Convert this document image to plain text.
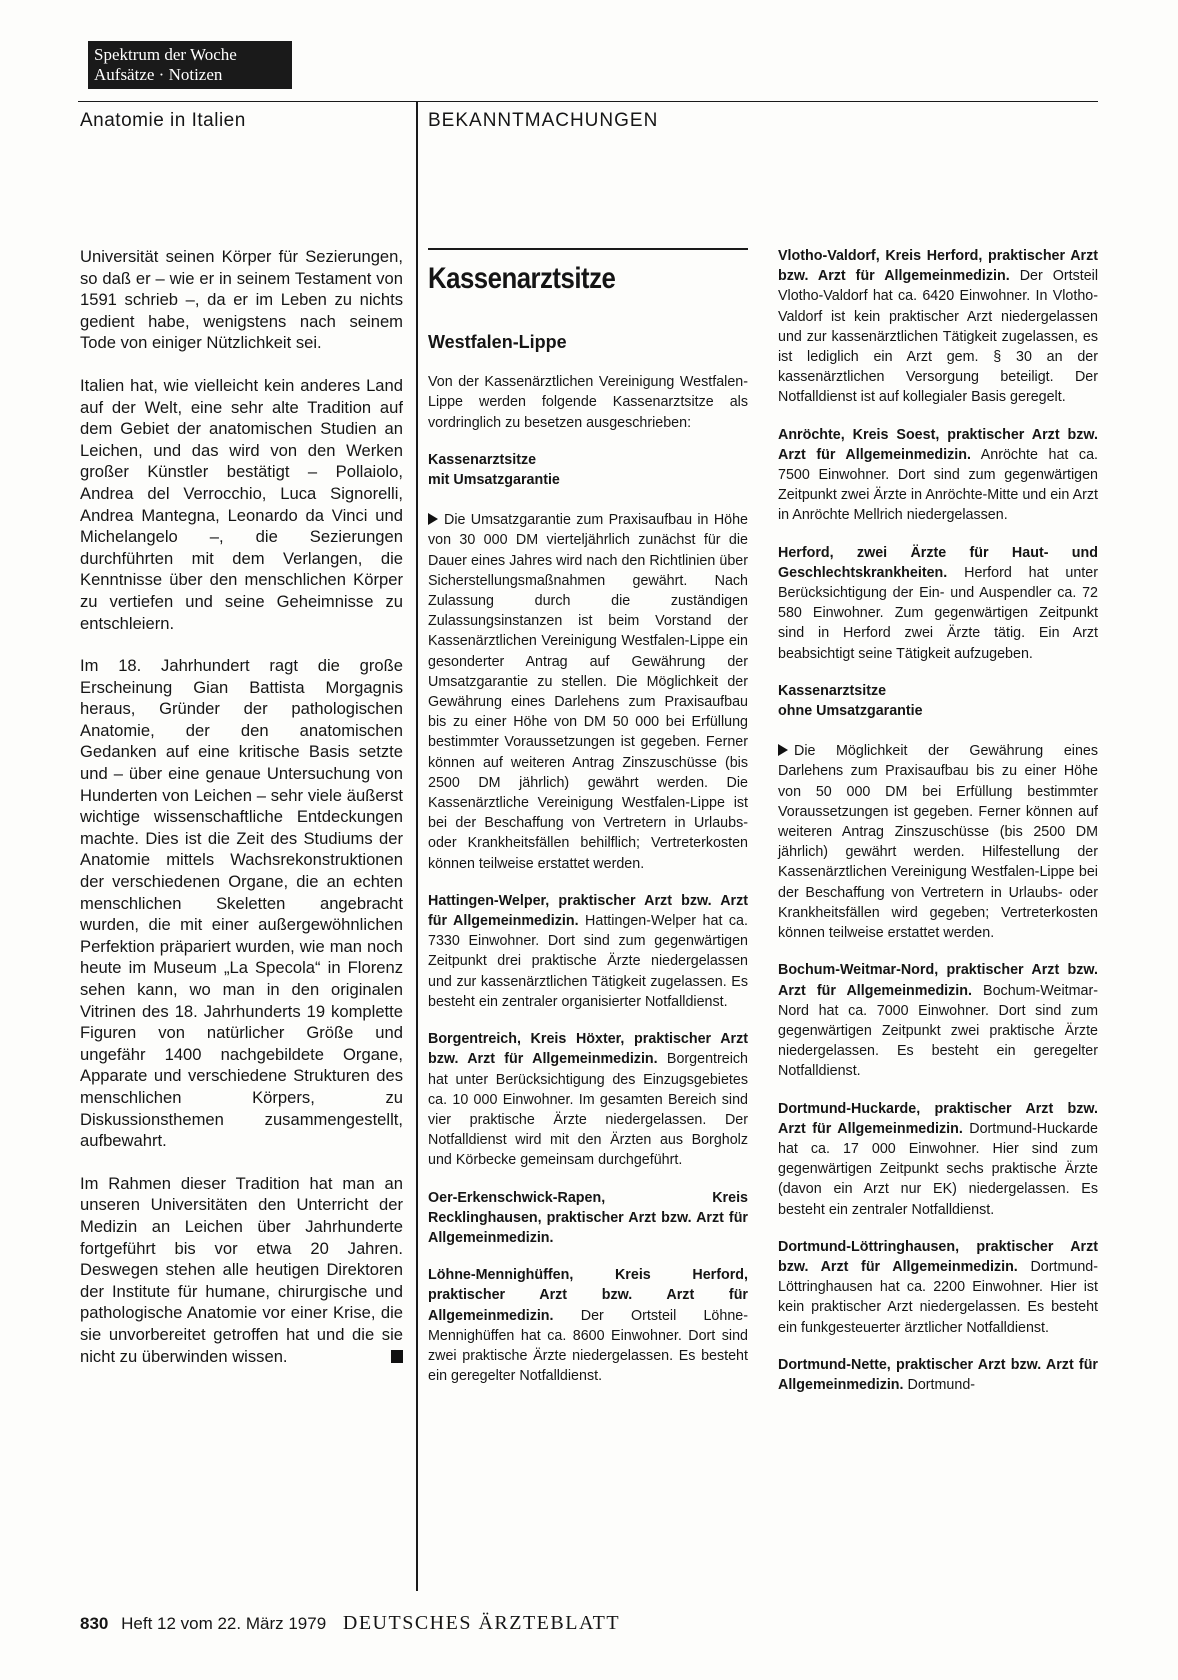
Spektrum der Woche
Aufsätze · Notizen
Anatomie in Italien	BEKANNTMACHUNGEN

Universität seinen Körper für Sezierungen, so daß er – wie er in seinem Testament von 1591 schrieb –, da er im Leben zu nichts gedient habe, wenigstens nach seinem Tode von einiger Nützlichkeit sei.

Italien hat, wie vielleicht kein anderes Land auf der Welt, eine sehr alte Tradition auf dem Gebiet der anatomischen Studien an Leichen, und das wird von den Werken großer Künstler bestätigt – Pollaiolo, Andrea del Verrocchio, Luca Signorelli, Andrea Mantegna, Leonardo da Vinci und Michelangelo –, die Sezierungen durchführten mit dem Verlangen, die Kenntnisse über den menschlichen Körper zu vertiefen und seine Geheimnisse zu entschleiern.

Im 18. Jahrhundert ragt die große Erscheinung Gian Battista Morgagnis heraus, Gründer der pathologischen Anatomie, der den anatomischen Gedanken auf eine kritische Basis setzte und – über eine genaue Untersuchung von Hunderten von Leichen – sehr viele äußerst wichtige wissenschaftliche Entdeckungen machte. Dies ist die Zeit des Studiums der Anatomie mittels Wachsrekonstruktionen der verschiedenen Organe, die an echten menschlichen Skeletten angebracht wurden, die mit einer außergewöhnlichen Perfektion präpariert wurden, wie man noch heute im Museum „La Specola“ in Florenz sehen kann, wo man in den originalen Vitrinen des 18. Jahrhunderts 19 komplette Figuren von natürlicher Größe und ungefähr 1400 nachgebildete Organe, Apparate und verschiedene Strukturen des menschlichen Körpers, zu Diskussionsthemen zusammengestellt, aufbewahrt.

Im Rahmen dieser Tradition hat man an unseren Universitäten den Unterricht der Medizin an Leichen über Jahrhunderte fortgeführt bis vor etwa 20 Jahren. Deswegen stehen alle heutigen Direktoren der Institute für humane, chirurgische und pathologische Anatomie vor einer Krise, die sie unvorbereitet getroffen hat und die sie nicht zu überwinden wissen.

Kassenarztsitze
Westfalen-Lippe

Von der Kassenärztlichen Vereinigung Westfalen-Lippe werden folgende Kassenarztsitze als vordringlich zu besetzen ausgeschrieben:

Kassenarztsitze
mit Umsatzgarantie

Die Umsatzgarantie zum Praxisaufbau in Höhe von 30 000 DM vierteljährlich zunächst für die Dauer eines Jahres wird nach den Richtlinien über Sicherstellungsmaßnahmen gewährt. Nach Zulassung durch die zuständigen Zulassungsinstanzen ist beim Vorstand der Kassenärztlichen Vereinigung Westfalen-Lippe ein gesonderter Antrag auf Gewährung der Umsatzgarantie zu stellen. Die Möglichkeit der Gewährung eines Darlehens zum Praxisaufbau bis zu einer Höhe von DM 50 000 bei Erfüllung bestimmter Voraussetzungen ist gegeben. Ferner können auf weiteren Antrag Zinszuschüsse (bis 2500 DM jährlich) gewährt werden. Die Kassenärztliche Vereinigung Westfalen-Lippe ist bei der Beschaffung von Vertretern in Urlaubs- oder Krankheitsfällen behilflich; Vertreterkosten können teilweise erstattet werden.

Hattingen-Welper, praktischer Arzt bzw. Arzt für Allgemeinmedizin. Hattingen-Welper hat ca. 7330 Einwohner. Dort sind zum gegenwärtigen Zeitpunkt drei praktische Ärzte niedergelassen und zur kassenärztlichen Tätigkeit zugelassen. Es besteht ein zentraler organisierter Notfalldienst.

Borgentreich, Kreis Höxter, praktischer Arzt bzw. Arzt für Allgemeinmedizin. Borgentreich hat unter Berücksichtigung des Einzugsgebietes ca. 10 000 Einwohner. Im gesamten Bereich sind vier praktische Ärzte niedergelassen. Der Notfalldienst wird mit den Ärzten aus Borgholz und Körbecke gemeinsam durchgeführt.

Oer-Erkenschwick-Rapen, Kreis Recklinghausen, praktischer Arzt bzw. Arzt für Allgemeinmedizin.

Löhne-Mennighüffen, Kreis Herford, praktischer Arzt bzw. Arzt für Allgemeinmedizin. Der Ortsteil Löhne-Mennighüffen hat ca. 8600 Einwohner. Dort sind zwei praktische Ärzte niedergelassen. Es besteht ein geregelter Notfalldienst.

Vlotho-Valdorf, Kreis Herford, praktischer Arzt bzw. Arzt für Allgemeinmedizin. Der Ortsteil Vlotho-Valdorf hat ca. 6420 Einwohner. In Vlotho-Valdorf ist kein praktischer Arzt niedergelassen und zur kassenärztlichen Tätigkeit zugelassen, es ist lediglich ein Arzt gem. § 30 an der kassenärztlichen Versorgung beteiligt. Der Notfalldienst ist auf kollegialer Basis geregelt.

Anröchte, Kreis Soest, praktischer Arzt bzw. Arzt für Allgemeinmedizin. Anröchte hat ca. 7500 Einwohner. Dort sind zum gegenwärtigen Zeitpunkt zwei Ärzte in Anröchte-Mitte und ein Arzt in Anröchte Mellrich niedergelassen.

Herford, zwei Ärzte für Haut- und Geschlechtskrankheiten. Herford hat unter Berücksichtigung der Ein- und Auspendler ca. 72 580 Einwohner. Zum gegenwärtigen Zeitpunkt sind in Herford zwei Ärzte tätig. Ein Arzt beabsichtigt seine Tätigkeit aufzugeben.

Kassenarztsitze
ohne Umsatzgarantie

Die Möglichkeit der Gewährung eines Darlehens zum Praxisaufbau bis zu einer Höhe von 50 000 DM bei Erfüllung bestimmter Voraussetzungen ist gegeben. Ferner können auf weiteren Antrag Zinszuschüsse (bis 2500 DM jährlich) gewährt werden. Hilfestellung der Kassenärztlichen Vereinigung Westfalen-Lippe bei der Beschaffung von Vertretern in Urlaubs- oder Krankheitsfällen wird gegeben; Vertreterkosten können teilweise erstattet werden.

Bochum-Weitmar-Nord, praktischer Arzt bzw. Arzt für Allgemeinmedizin. Bochum-Weitmar-Nord hat ca. 7000 Einwohner. Dort sind zum gegenwärtigen Zeitpunkt zwei praktische Ärzte niedergelassen. Es besteht ein geregelter Notfalldienst.

Dortmund-Huckarde, praktischer Arzt bzw. Arzt für Allgemeinmedizin. Dortmund-Huckarde hat ca. 17 000 Einwohner. Hier sind zum gegenwärtigen Zeitpunkt sechs praktische Ärzte (davon ein Arzt nur EK) niedergelassen. Es besteht ein zentraler Notfalldienst.

Dortmund-Löttringhausen, praktischer Arzt bzw. Arzt für Allgemeinmedizin. Dortmund-Löttringhausen hat ca. 2200 Einwohner. Hier ist kein praktischer Arzt niedergelassen. Es besteht ein funkgesteuerter ärztlicher Notfalldienst.

Dortmund-Nette, praktischer Arzt bzw. Arzt für Allgemeinmedizin. Dortmund-

830 Heft 12 vom 22. März 1979 DEUTSCHES ÄRZTEBLATT
